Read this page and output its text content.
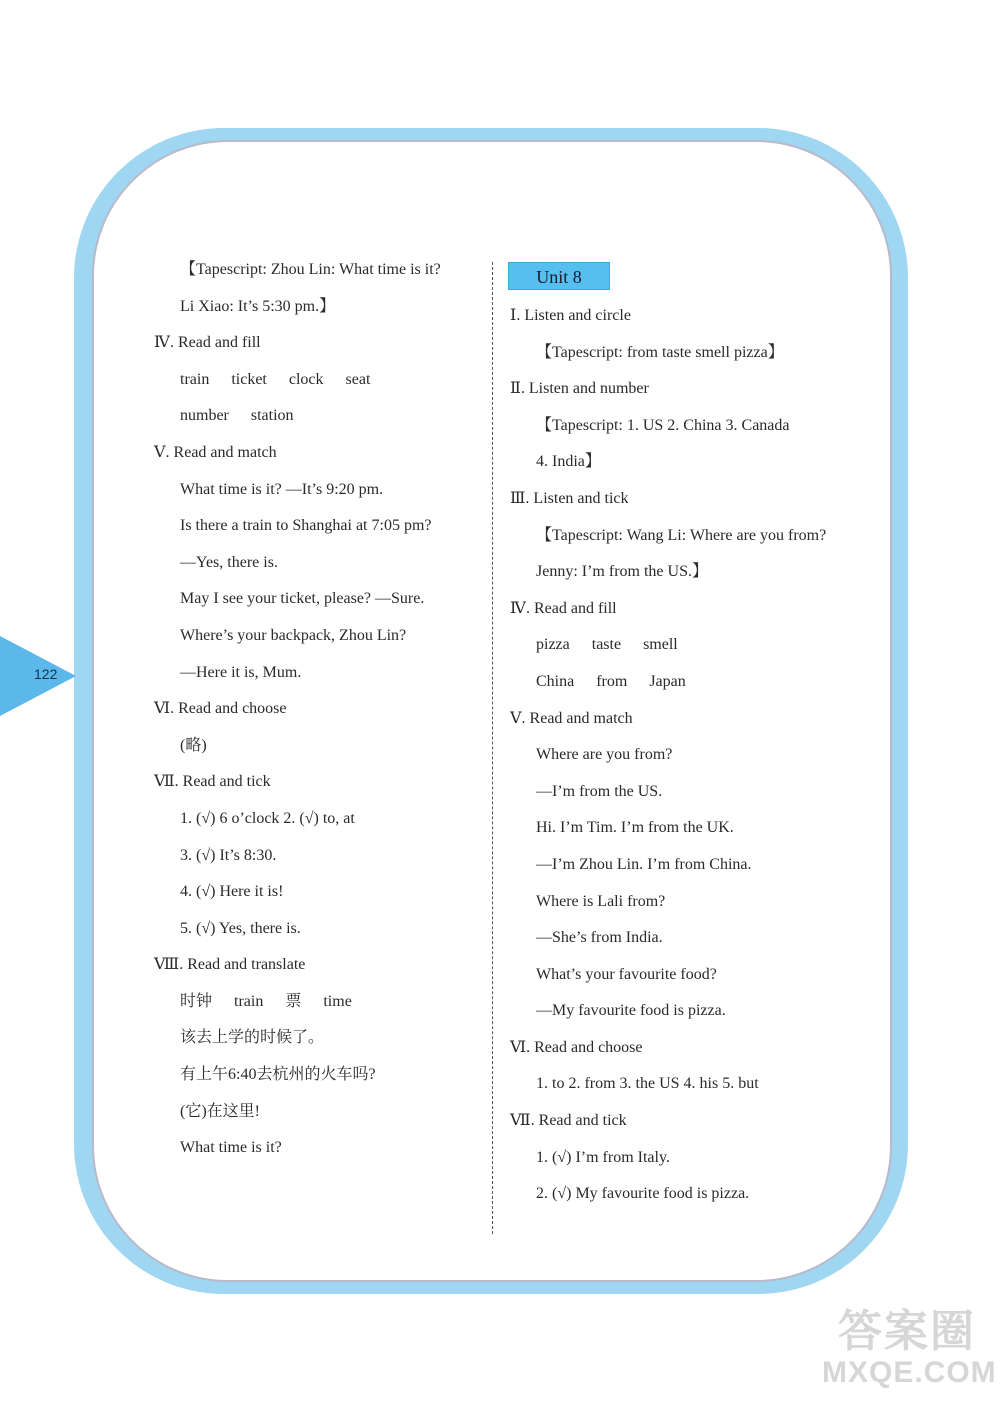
122
【Tapescript: Zhou Lin: What time is it?
Li Xiao: It’s 5:30 pm.】
Ⅳ. Read and fill
train ticket clock seat
number station
Ⅴ. Read and match
What time is it? —It’s 9:20 pm.
Is there a train to Shanghai at 7:05 pm?
—Yes, there is.
May I see your ticket, please? —Sure.
Where’s your backpack, Zhou Lin?
—Here it is, Mum.
Ⅵ. Read and choose
(略)
Ⅶ. Read and tick
1. (√) 6 o’clock 2. (√) to, at
3. (√) It’s 8:30.
4. (√) Here it is!
5. (√) Yes, there is.
Ⅷ. Read and translate
时钟 train 票 time
该去上学的时候了。
有上午6:40去杭州的火车吗?
(它)在这里!
What time is it?
Unit 8
Ⅰ. Listen and circle
【Tapescript: from taste smell pizza】
Ⅱ. Listen and number
【Tapescript: 1. US 2. China 3. Canada
4. India】
Ⅲ. Listen and tick
【Tapescript: Wang Li: Where are you from?
Jenny: I’m from the US.】
Ⅳ. Read and fill
pizza taste smell
China from Japan
Ⅴ. Read and match
Where are you from?
—I’m from the US.
Hi. I’m Tim. I’m from the UK.
—I’m Zhou Lin. I’m from China.
Where is Lali from?
—She’s from India.
What’s your favourite food?
—My favourite food is pizza.
Ⅵ. Read and choose
1. to 2. from 3. the US 4. his 5. but
Ⅶ. Read and tick
1. (√) I’m from Italy.
2. (√) My favourite food is pizza.
答案圈
MXQE.COM
